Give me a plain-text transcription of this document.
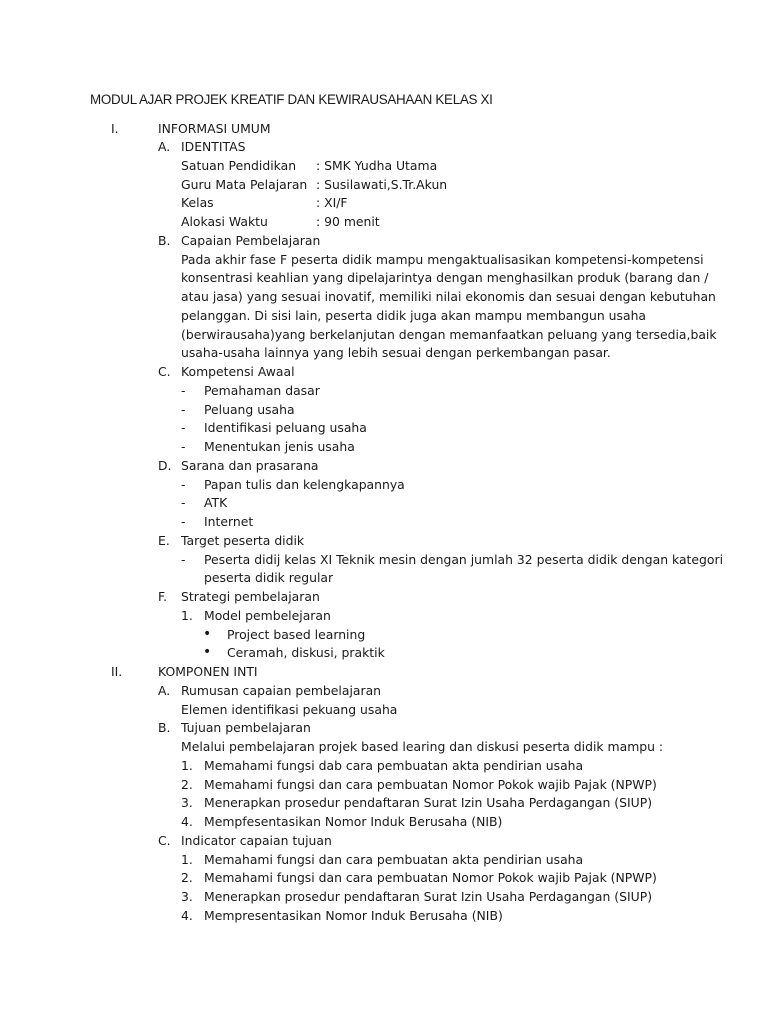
MODUL AJAR PROJEK KREATIF DAN KEWIRAUSAHAAN KELAS XI
I.	INFORMASI UMUM
A. IDENTITAS
Satuan Pendidikan : SMK Yudha Utama
Guru Mata Pelajaran : Susilawati,S.Tr.Akun
Kelas	: XI/F
Alokasi Waktu	: 90 menit
B. Capaian Pembelajaran
Pada akhir fase F peserta didik mampu mengaktualisasikan kompetensi-kompetensi
konsentrasi keahlian yang dipelajarintya dengan menghasilkan produk (barang dan /
atau jasa) yang sesuai inovatif, memiliki nilai ekonomis dan sesuai dengan kebutuhan
pelanggan. Di sisi lain, peserta didik juga akan mampu membangun usaha
(berwirausaha)yang berkelanjutan dengan memanfaatkan peluang yang tersedia,baik
usaha-usaha lainnya yang lebih sesuai dengan perkembangan pasar.
C. Kompetensi Awaal
- Pemahaman dasar
- Peluang usaha
- Identifikasi peluang usaha
- Menentukan jenis usaha
D. Sarana dan prasarana
- Papan tulis dan kelengkapannya
- ATK
- Internet
E. Target peserta didik
- Peserta didij kelas XI Teknik mesin dengan jumlah 32 peserta didik dengan kategori
peserta didik regular
F. Strategi pembelajaran
1. Model pembelejaran
• Project based learning
• Ceramah, diskusi, praktik
II.	KOMPONEN INTI
A. Rumusan capaian pembelajaran
Elemen identifikasi pekuang usaha
B. Tujuan pembelajaran
Melalui pembelajaran projek based learing dan diskusi peserta didik mampu :
1. Memahami fungsi dab cara pembuatan akta pendirian usaha
2. Memahami fungsi dan cara pembuatan Nomor Pokok wajib Pajak (NPWP)
3. Menerapkan prosedur pendaftaran Surat Izin Usaha Perdagangan (SIUP)
4. Mempfesentasikan Nomor Induk Berusaha (NIB)
C. Indicator capaian tujuan
1. Memahami fungsi dan cara pembuatan akta pendirian usaha
2. Memahami fungsi dan cara pembuatan Nomor Pokok wajib Pajak (NPWP)
3. Menerapkan prosedur pendaftaran Surat Izin Usaha Perdagangan (SIUP)
4. Mempresentasikan Nomor Induk Berusaha (NIB)
